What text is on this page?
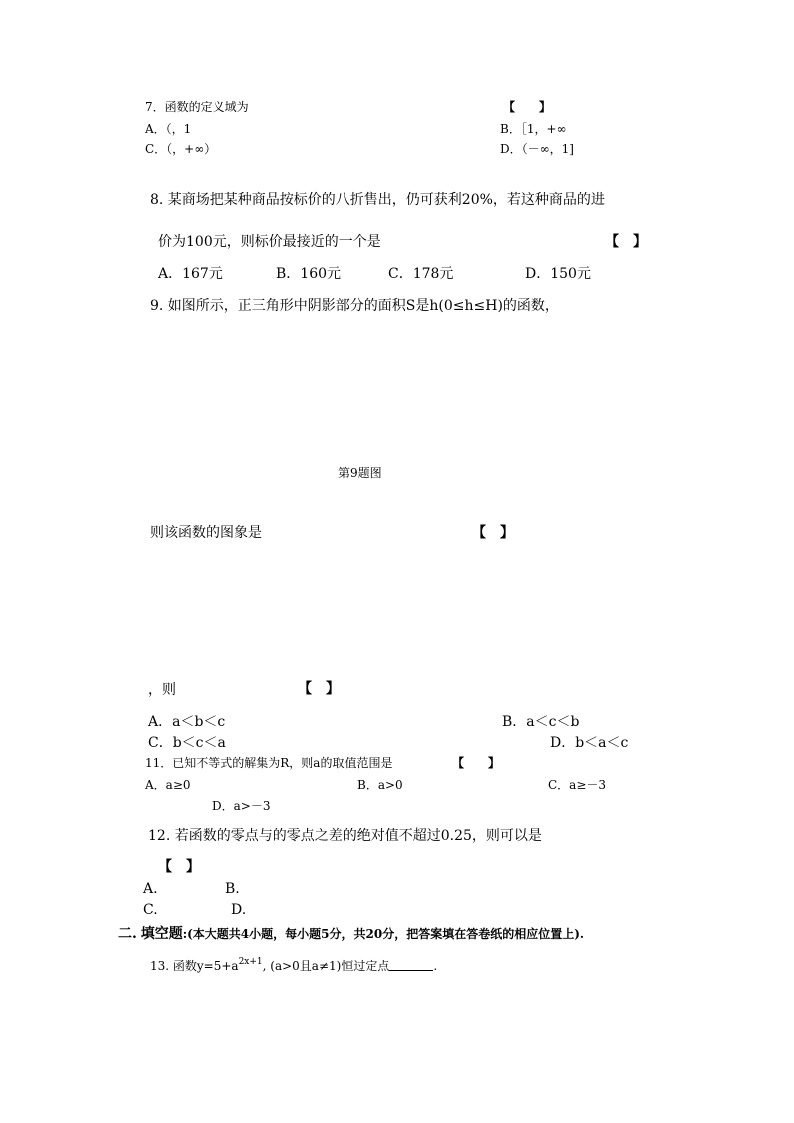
7．函数的定义域为	【　　】
A．（，1	B．［1，+∞
C．（，+∞）	D．（－∞，1]
8. 某商场把某种商品按标价的八折售出，仍可获利20%，若这种商品的进
价为100元，则标价最接近的一个是	【　】
A．167元	B．160元	C．178元	D．150元
9. 如图所示，正三角形中阴影部分的面积S是h(0≤h≤H)的函数，
第9题图
则该函数的图象是	【　】
，则	【　】
A．a＜b＜c	B．a＜c＜b
C．b＜c＜a	D．b＜a＜c
11．已知不等式的解集为R，则a的取值范围是	【　　】
A．a≥0	B．a>0	C．a≥－3
D．a>－3
12. 若函数的零点与的零点之差的绝对值不超过0.25，则可以是
【　】
A.	B.
C.	D.
二. 填空题:(本大题共4小题，每小题5分，共20分，把答案填在答卷纸的相应位置上).
13. 函数$y=5+a^{2x+1}$, (a>0且a≠1)恒过定点	.
